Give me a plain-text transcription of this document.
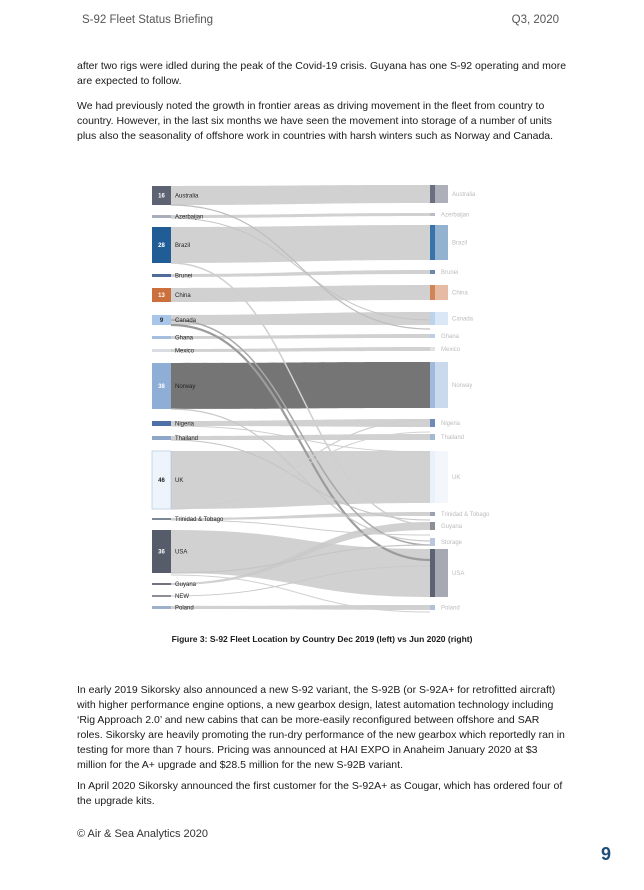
S-92 Fleet Status Briefing	Q3, 2020

after two rigs were idled during the peak of the Covid-19 crisis. Guyana has one S-92 operating and more are expected to follow.

We had previously noted the growth in frontier areas as driving movement in the fleet from country to country. However, in the last six months we have seen the movement into storage of a number of units plus also the seasonality of offshore work in countries with harsh winters such as Norway and Canada.

16 Australia
Azerbaijan
28 Brazil
Brunei
13 China
9 Canada
Ghana
Mexico
38 Norway
Nigeria
Thailand
46 UK
Trinidad & Tobago
36 USA
Guyana
NEW
Poland
Australia
Azerbaijan
Brazil
Brunei
China
Canada
Ghana
Mexico
Norway
Nigeria
Thailand
UK
Trinidad & Tobago
Guyana
Storage
USA
Poland
Figure 3: S-92 Fleet Location by Country Dec 2019 (left) vs Jun 2020 (right)

In early 2019 Sikorsky also announced a new S-92 variant, the S-92B (or S-92A+ for retrofitted aircraft) with higher performance engine options, a new gearbox design, latest automation technology including ‘Rig Approach 2.0’ and new cabins that can be more-easily reconfigured between offshore and SAR roles. Sikorsky are heavily promoting the run-dry performance of the new gearbox which reportedly ran in testing for more than 7 hours. Pricing was announced at HAI EXPO in Anaheim January 2020 at $3 million for the A+ upgrade and $28.5 million for the new S-92B variant.

In April 2020 Sikorsky announced the first customer for the S-92A+ as Cougar, which has ordered four of the upgrade kits.

© Air & Sea Analytics 2020
9
